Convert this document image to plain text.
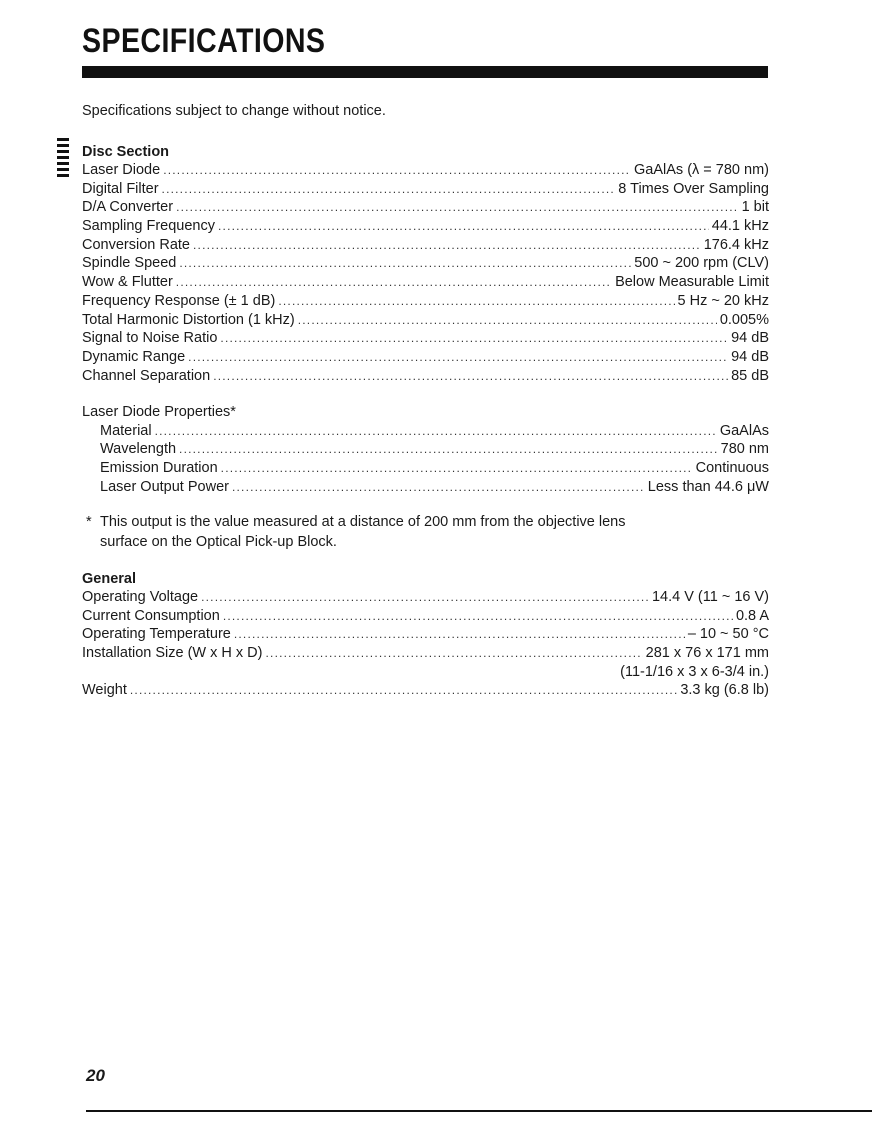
SPECIFICATIONS
Specifications subject to change without notice.
Disc Section
Laser Diode .....	GaAlAs (λ = 780 nm)
Digital Filter .....	8 Times Over Sampling
D/A Converter .....	1 bit
Sampling Frequency .....	44.1 kHz
Conversion Rate .....	176.4 kHz
Spindle Speed .....	500 ~ 200 rpm (CLV)
Wow & Flutter .....	Below Measurable Limit
Frequency Response (± 1 dB) .....	5 Hz ~ 20 kHz
Total Harmonic Distortion (1 kHz) .....	0.005%
Signal to Noise Ratio .....	94 dB
Dynamic Range .....	94 dB
Channel Separation .....	85 dB
Laser Diode Properties*
Material .....	GaAlAs
Wavelength .....	780 nm
Emission Duration .....	Continuous
Laser Output Power .....	Less than 44.6 μW
* This output is the value measured at a distance of 200 mm from the objective lens
surface on the Optical Pick-up Block.
General
Operating Voltage .....	14.4 V (11 ~ 16 V)
Current Consumption .....	0.8 A
Operating Temperature .....	– 10 ~ 50 °C
Installation Size (W x H x D) .....	281 x 76 x 171 mm
(11-1/16 x 3 x 6-3/4 in.)
Weight .....	3.3 kg (6.8 lb)
20
